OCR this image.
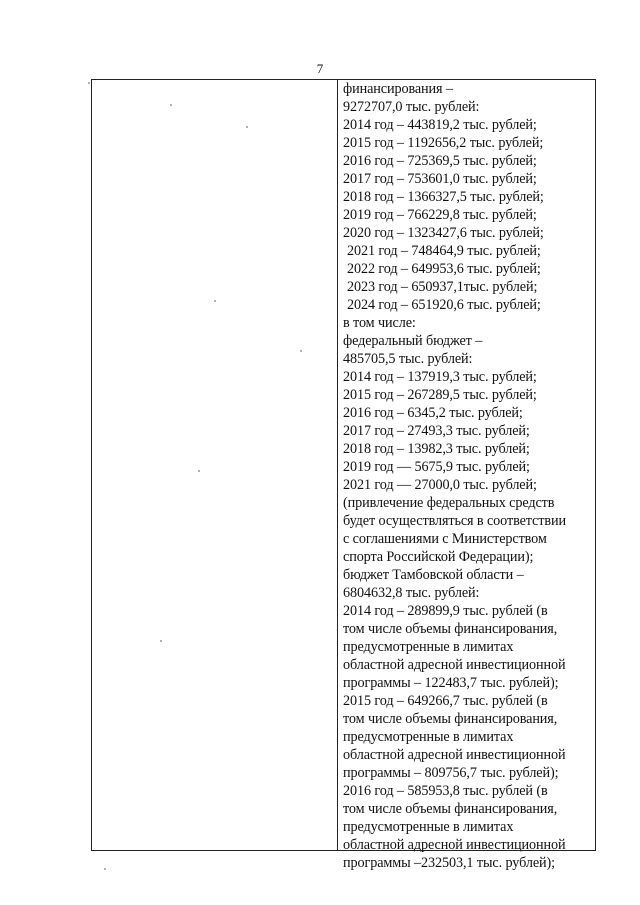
7
финансирования –
9272707,0 тыс. рублей:
2014 год – 443819,2 тыс. рублей;
2015 год – 1192656,2 тыс. рублей;
2016 год – 725369,5 тыс. рублей;
2017 год – 753601,0 тыс. рублей;
2018 год – 1366327,5 тыс. рублей;
2019 год – 766229,8 тыс. рублей;
2020 год – 1323427,6 тыс. рублей;
2021 год – 748464,9 тыс. рублей;
2022 год – 649953,6 тыс. рублей;
2023 год – 650937,1тыс. рублей;
2024 год – 651920,6 тыс. рублей;
в том числе:
федеральный бюджет –
485705,5 тыс. рублей:
2014 год – 137919,3 тыс. рублей;
2015 год – 267289,5 тыс. рублей;
2016 год – 6345,2 тыс. рублей;
2017 год – 27493,3 тыс. рублей;
2018 год – 13982,3 тыс. рублей;
2019 год — 5675,9 тыс. рублей;
2021 год — 27000,0 тыс. рублей;
(привлечение федеральных средств
будет осуществляться в соответствии
с соглашениями с Министерством
спорта Российской Федерации);
бюджет Тамбовской области –
6804632,8 тыс. рублей:
2014 год – 289899,9 тыс. рублей (в
том числе объемы финансирования,
предусмотренные в лимитах
областной адресной инвестиционной
программы – 122483,7 тыс. рублей);
2015 год – 649266,7 тыс. рублей (в
том числе объемы финансирования,
предусмотренные в лимитах
областной адресной инвестиционной
программы – 809756,7 тыс. рублей);
2016 год – 585953,8 тыс. рублей (в
том числе объемы финансирования,
предусмотренные в лимитах
областной адресной инвестиционной
программы –232503,1 тыс. рублей);
